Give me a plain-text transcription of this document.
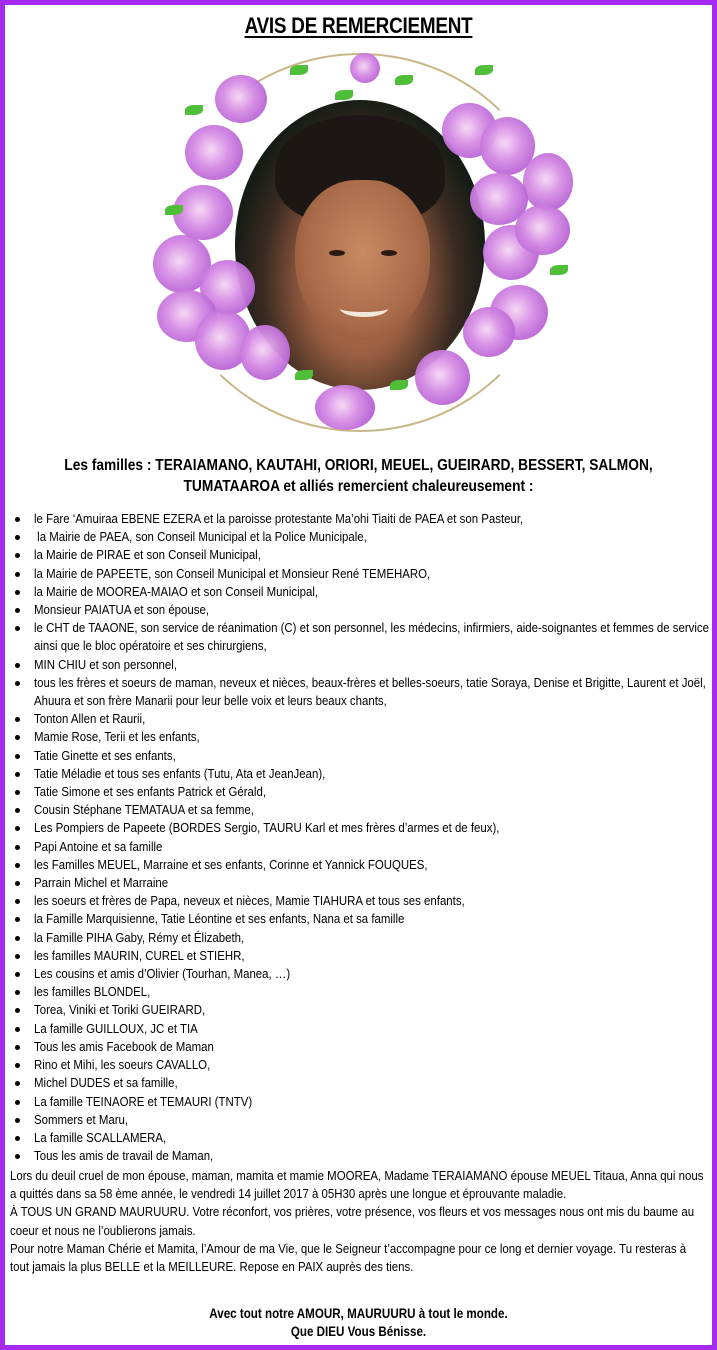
AVIS DE REMERCIEMENT
Les familles : TERAIAMANO, KAUTAHI, ORIORI, MEUEL, GUEIRARD, BESSERT, SALMON,
TUMATAAROA et alliés remercient chaleureusement :
le Fare ‘Amuiraa EBENE EZERA et la paroisse protestante Ma’ohi Tiaiti de PAEA et son Pasteur,
la Mairie de PAEA, son Conseil Municipal et la Police Municipale,
la Mairie de PIRAE et son Conseil Municipal,
la Mairie de PAPEETE, son Conseil Municipal et Monsieur René TEMEHARO,
la Mairie de MOOREA-MAIAO et son Conseil Municipal,
Monsieur PAIATUA et son épouse,
le CHT de TAAONE, son service de réanimation (C) et son personnel, les médecins, infirmiers, aide-soignantes et femmes de service ainsi que le bloc opératoire et ses chirurgiens,
MIN CHIU et son personnel,
tous les frères et soeurs de maman, neveux et nièces, beaux-frères et belles-soeurs, tatie Soraya, Denise et Brigitte, Laurent et Joël, Ahuura et son frère Manarii pour leur belle voix et leurs beaux chants,
Tonton Allen et Raurii,
Mamie Rose, Terii et les enfants,
Tatie Ginette et ses enfants,
Tatie Méladie et tous ses enfants (Tutu, Ata et JeanJean),
Tatie Simone et ses enfants Patrick et Gérald,
Cousin Stéphane TEMATAUA et sa femme,
Les Pompiers de Papeete (BORDES Sergio, TAURU Karl et mes frères d’armes et de feux),
Papi Antoine et sa famille
les Familles MEUEL, Marraine et ses enfants, Corinne et Yannick FOUQUES,
Parrain Michel et Marraine
les soeurs et frères de Papa, neveux et nièces, Mamie TIAHURA et tous ses enfants,
la Famille Marquisienne, Tatie Léontine et ses enfants, Nana et sa famille
la Famille PIHA Gaby, Rémy et Élizabeth,
les familles MAURIN, CUREL et STIEHR,
Les cousins et amis d’Olivier (Tourhan, Manea, …)
les familles BLONDEL,
Torea, Viniki et Toriki GUEIRARD,
La famille GUILLOUX, JC et TIA
Tous les amis Facebook de Maman
Rino et Mihi, les soeurs CAVALLO,
Michel DUDES et sa famille,
La famille TEINAORE et TEMAURI (TNTV)
Sommers et Maru,
La famille SCALLAMERA,
Tous les amis de travail de Maman,

Lors du deuil cruel de mon épouse, maman, mamita et mamie MOOREA, Madame TERAIAMANO épouse MEUEL Titaua, Anna qui nous a quittés dans sa 58 ème année, le vendredi 14 juillet 2017 à 05H30 après une longue et éprouvante maladie.

À TOUS UN GRAND MAURUURU. Votre réconfort, vos prières, votre présence, vos fleurs et vos messages nous ont mis du baume au coeur et nous ne l’oublierons jamais.

Pour notre Maman Chérie et Mamita, l’Amour de ma Vie, que le Seigneur t’accompagne pour ce long et dernier voyage. Tu resteras à tout jamais la plus BELLE et la MEILLEURE. Repose en PAIX auprès des tiens.

Avec tout notre AMOUR, MAURUURU à tout le monde.
Que DIEU Vous Bénisse.
